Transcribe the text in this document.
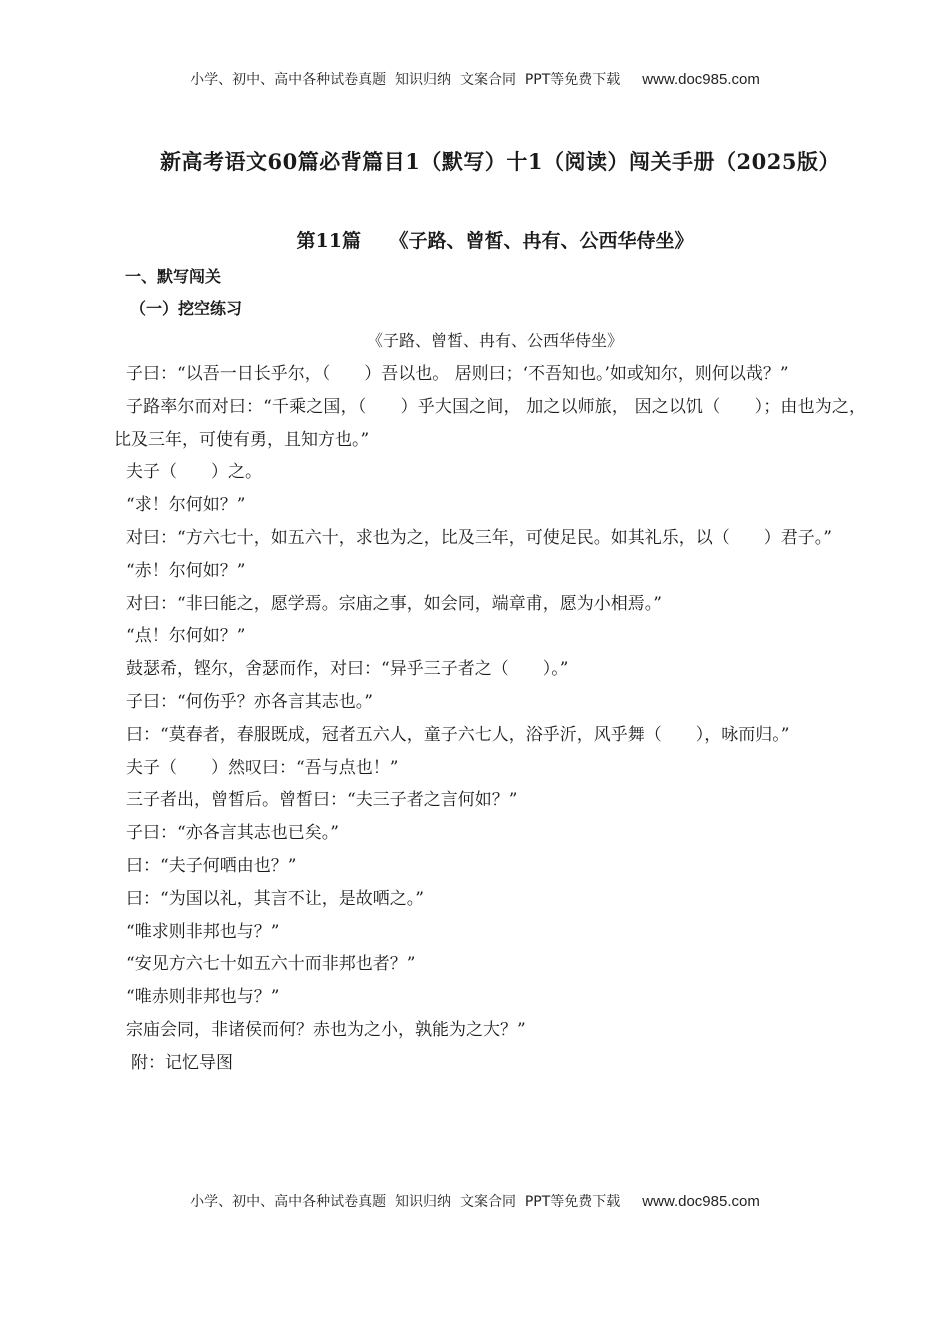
小学、初中、高中各种试卷真题  知识归纳  文案合同  PPT等免费下载 www.doc985.com
新高考语文60篇必背篇目1（默写）十1（阅读）闯关手册（2025版）
第11篇　　《子路、曾皙、冉有、公西华侍坐》
一、默写闯关
（一）挖空练习
《子路、曾皙、冉有、公西华侍坐》

子曰：“以吾一日长乎尔，（　　）吾以也。 居则曰；‘不吾知也。’如或知尔，则何以哉？”

子路率尔而对曰：“千乘之国，（　　）乎大国之间， 加之以师旅， 因之以饥（　　）；由也为之，比及三年，可使有勇，且知方也。”

夫子（　　）之。

“求！尔何如？”

对曰：“方六七十，如五六十，求也为之，比及三年，可使足民。如其礼乐，以（　　）君子。”

“赤！尔何如？”

对曰：“非曰能之，愿学焉。宗庙之事，如会同，端章甫，愿为小相焉。”

“点！尔何如？”

鼓瑟希，铿尔，舍瑟而作，对曰：“异乎三子者之（　　）。”

子曰：“何伤乎？亦各言其志也。”

曰：“莫春者，春服既成，冠者五六人，童子六七人，浴乎沂，风乎舞（　　），咏而归。”

夫子（　　）然叹曰：“吾与点也！”

三子者出，曾皙后。曾皙曰：“夫三子者之言何如？”

子曰：“亦各言其志也已矣。”

曰：“夫子何哂由也？”

曰：“为国以礼，其言不让，是故哂之。”

“唯求则非邦也与？”

“安见方六七十如五六十而非邦也者？”

“唯赤则非邦也与？”

宗庙会同，非诸侯而何？赤也为之小，孰能为之大？”

附：记忆导图

小学、初中、高中各种试卷真题  知识归纳  文案合同  PPT等免费下载 www.doc985.com
